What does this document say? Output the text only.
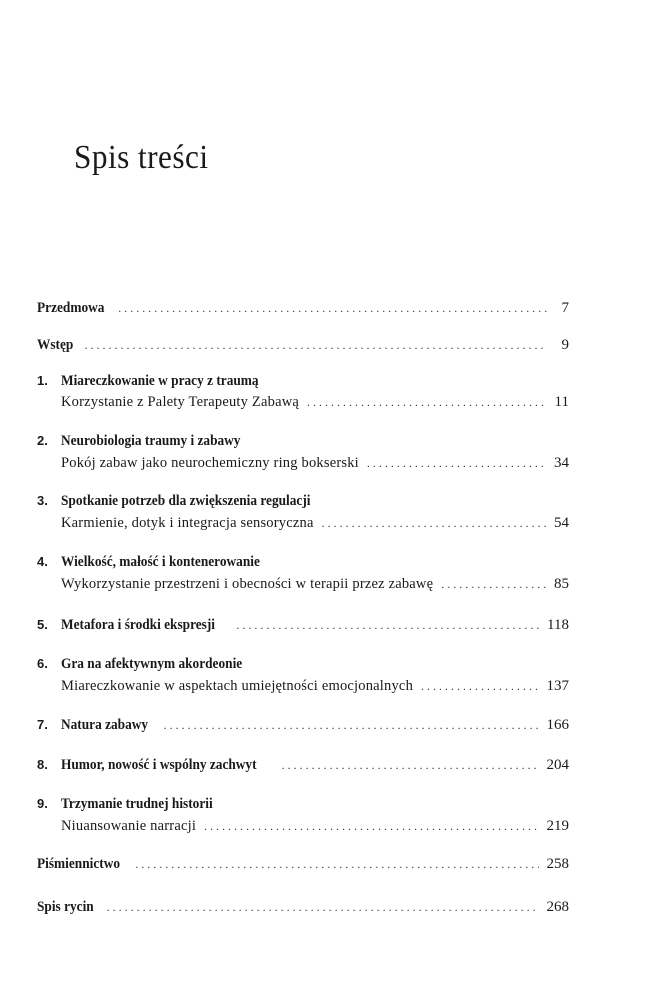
Spis treści
Przedmowa . . .	7
Wstęp . . .	9
1. Miareczkowanie w pracy z traumą
Korzystanie z Palety Terapeuty Zabawą . . .	11
2. Neurobiologia traumy i zabawy
Pokój zabaw jako neurochemiczny ring bokserski . . .	34
3. Spotkanie potrzeb dla zwiększenia regulacji
Karmienie, dotyk i integracja sensoryczna . . .	54
4. Wielkość, małość i kontenerowanie
Wykorzystanie przestrzeni i obecności w terapii przez zabawę . . .	85
5. Metafora i środki ekspresji . . .	118
6. Gra na afektywnym akordeonie
Miareczkowanie w aspektach umiejętności emocjonalnych . . .	137
7. Natura zabawy . . .	166
8. Humor, nowość i wspólny zachwyt . . .	204
9. Trzymanie trudnej historii
Niuansowanie narracji . . .	219
Piśmiennictwo . . .	258
Spis rycin . . .	268
